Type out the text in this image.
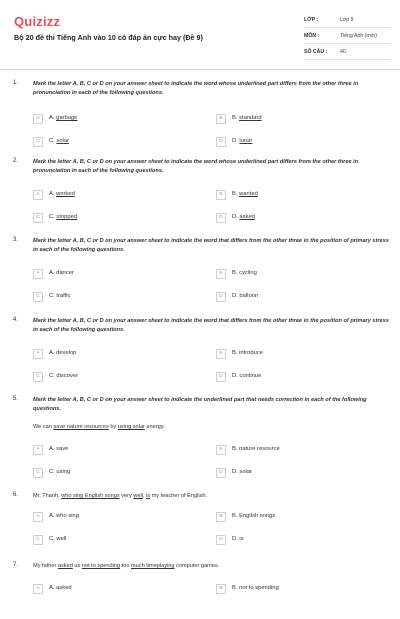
Quizizz
Bộ 20 đề thi Tiếng Anh vào 10 có đáp án cực hay (Đề 9)
LỚP :	Lớp 9
MÔN :	Tiếng Anh (mới)
SỐ CÂU : 40
1.	Mark the letter A, B, C or D on your answer sheet to indicate the word whose underlined part differs from the other three in pronunciation in each of the following questions.
A	A. garbage	B	B. standard
C	C. solar	D	D. lunar
2.	Mark the letter A, B, C or D on your answer sheet to indicate the word whose underlined part differs from the other three in pronunciation in each of the following questions.
A	A. worked	B	B. wanted
C	C. stopped	D	D. asked
3.	Mark the letter A, B, C or D on your answer sheet to indicate the word that differs from the other three in the position of primary stress in each of the following questions.
A	A. dancer	B	B. cycling
C	C. traffic	D	D. balloon
4.	Mark the letter A, B, C or D on your answer sheet to indicate the word that differs from the other three in the position of primary stress in each of the following questions.
A	A. develop	B	B. introduce
C	C. discover	D	D. continue
5.	Mark the letter A, B, C or D on your answer sheet to indicate the underlined part that needs correction in each of the following questions.
We can save nature resources by using solar energy.
A	A. save	B	B. nature resource
C	C. using	D	D. solar
6.	Mr. Thanh, who sing English songs very well, is my teacher of English.
A	A. who sing	B	B. English songs
C	C. well	D	D. is
7.	My father asked us not to spending too much timeplaying computer games.
A	A. asked	B	B. not to spending
